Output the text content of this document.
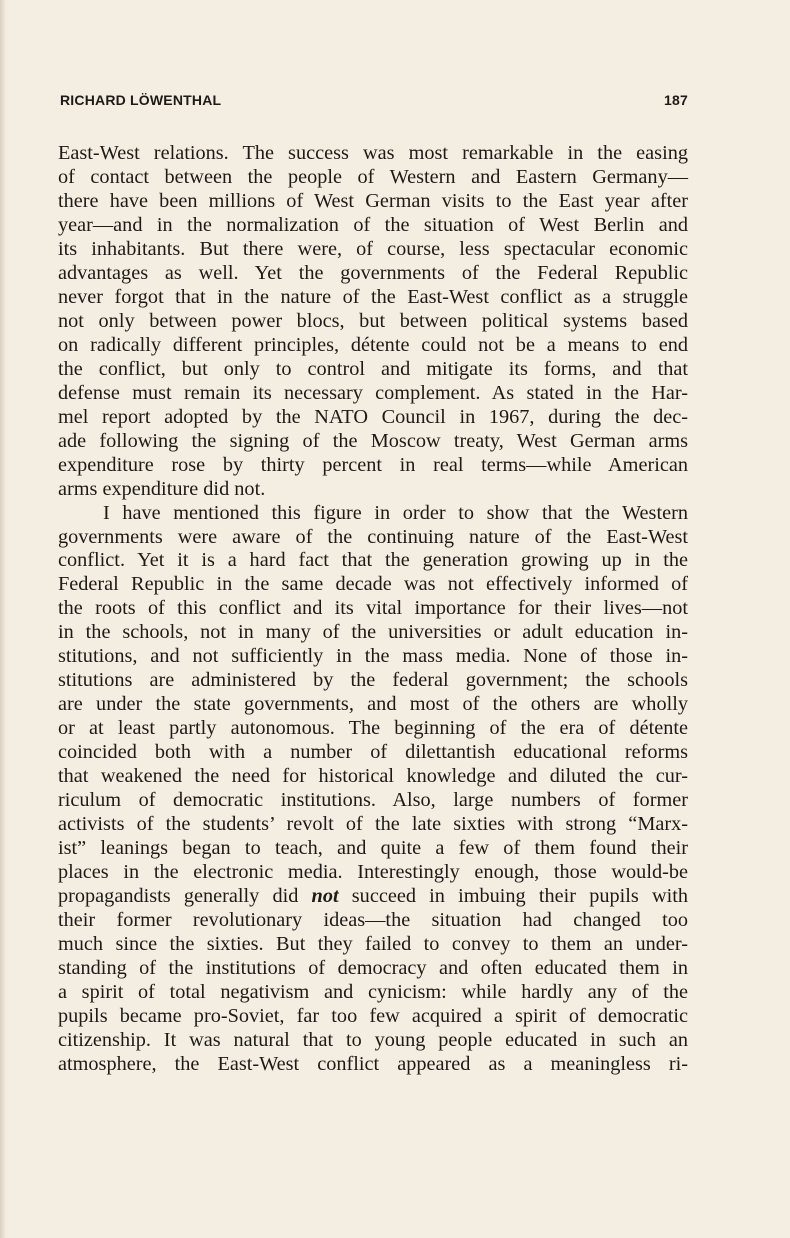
RICHARD LÖWENTHAL	187
East-West relations. The success was most remarkable in the easing
of contact between the people of Western and Eastern Germany—
there have been millions of West German visits to the East year after
year—and in the normalization of the situation of West Berlin and
its inhabitants. But there were, of course, less spectacular economic
advantages as well. Yet the governments of the Federal Republic
never forgot that in the nature of the East-West conflict as a struggle
not only between power blocs, but between political systems based
on radically different principles, détente could not be a means to end
the conflict, but only to control and mitigate its forms, and that
defense must remain its necessary complement. As stated in the Har-
mel report adopted by the NATO Council in 1967, during the dec-
ade following the signing of the Moscow treaty, West German arms
expenditure rose by thirty percent in real terms—while American
arms expenditure did not.
I have mentioned this figure in order to show that the Western
governments were aware of the continuing nature of the East-West
conflict. Yet it is a hard fact that the generation growing up in the
Federal Republic in the same decade was not effectively informed of
the roots of this conflict and its vital importance for their lives—not
in the schools, not in many of the universities or adult education in-
stitutions, and not sufficiently in the mass media. None of those in-
stitutions are administered by the federal government; the schools
are under the state governments, and most of the others are wholly
or at least partly autonomous. The beginning of the era of détente
coincided both with a number of dilettantish educational reforms
that weakened the need for historical knowledge and diluted the cur-
riculum of democratic institutions. Also, large numbers of former
activists of the students’ revolt of the late sixties with strong “Marx-
ist” leanings began to teach, and quite a few of them found their
places in the electronic media. Interestingly enough, those would-be
propagandists generally did not succeed in imbuing their pupils with
their former revolutionary ideas—the situation had changed too
much since the sixties. But they failed to convey to them an under-
standing of the institutions of democracy and often educated them in
a spirit of total negativism and cynicism: while hardly any of the
pupils became pro-Soviet, far too few acquired a spirit of democratic
citizenship. It was natural that to young people educated in such an
atmosphere, the East-West conflict appeared as a meaningless ri-
